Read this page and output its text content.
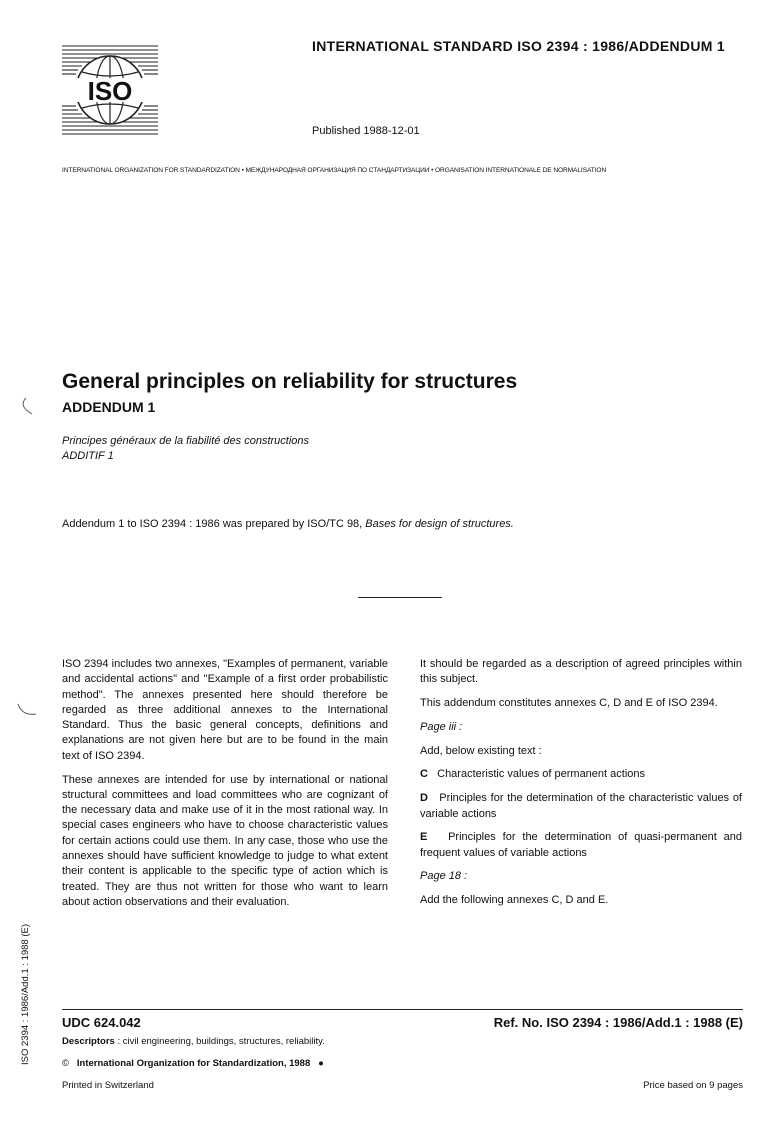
ISO
INTERNATIONAL STANDARD ISO 2394 : 1986/ADDENDUM 1
Published 1988-12-01
INTERNATIONAL ORGANIZATION FOR STANDARDIZATION • МЕЖДУНАРОДНАЯ ОРГАНИЗАЦИЯ ПО СТАНДАРТИЗАЦИИ • ORGANISATION INTERNATIONALE DE NORMALISATION
General principles on reliability for structures
ADDENDUM 1
Principes généraux de la fiabilité des constructions
ADDITIF 1
Addendum 1 to ISO 2394 : 1986 was prepared by ISO/TC 98, Bases for design of structures.

ISO 2394 includes two annexes, "Examples of permanent, variable and accidental actions" and "Example of a first order probabilistic method". The annexes presented here should therefore be regarded as three additional annexes to the International Standard. Thus the basic general concepts, definitions and explanations are not given here but are to be found in the main text of ISO 2394.

These annexes are intended for use by international or national structural committees and load committees who are cognizant of the necessary data and make use of it in the most rational way. In special cases engineers who have to choose characteristic values for certain actions could use them. In any case, those who use the annexes should have sufficient knowledge to judge to what extent their content is applicable to the specific type of action which is treated. They are thus not written for those who want to learn about action observations and their evaluation.

It should be regarded as a description of agreed principles within this subject.

This addendum constitutes annexes C, D and E of ISO 2394.

Page iii :

Add, below existing text :

C Characteristic values of permanent actions

D Principles for the determination of the characteristic values of variable actions

E Principles for the determination of quasi-permanent and frequent values of variable actions

Page 18 :

Add the following annexes C, D and E.

ISO 2394 : 1986/Add.1 : 1988 (E) UDC 624.042	Ref. No. ISO 2394 : 1986/Add.1 : 1988 (E)
Descriptors : civil engineering, buildings, structures, reliability.
© International Organization for Standardization, 1988 ●
Printed in Switzerland	Price based on 9 pages
